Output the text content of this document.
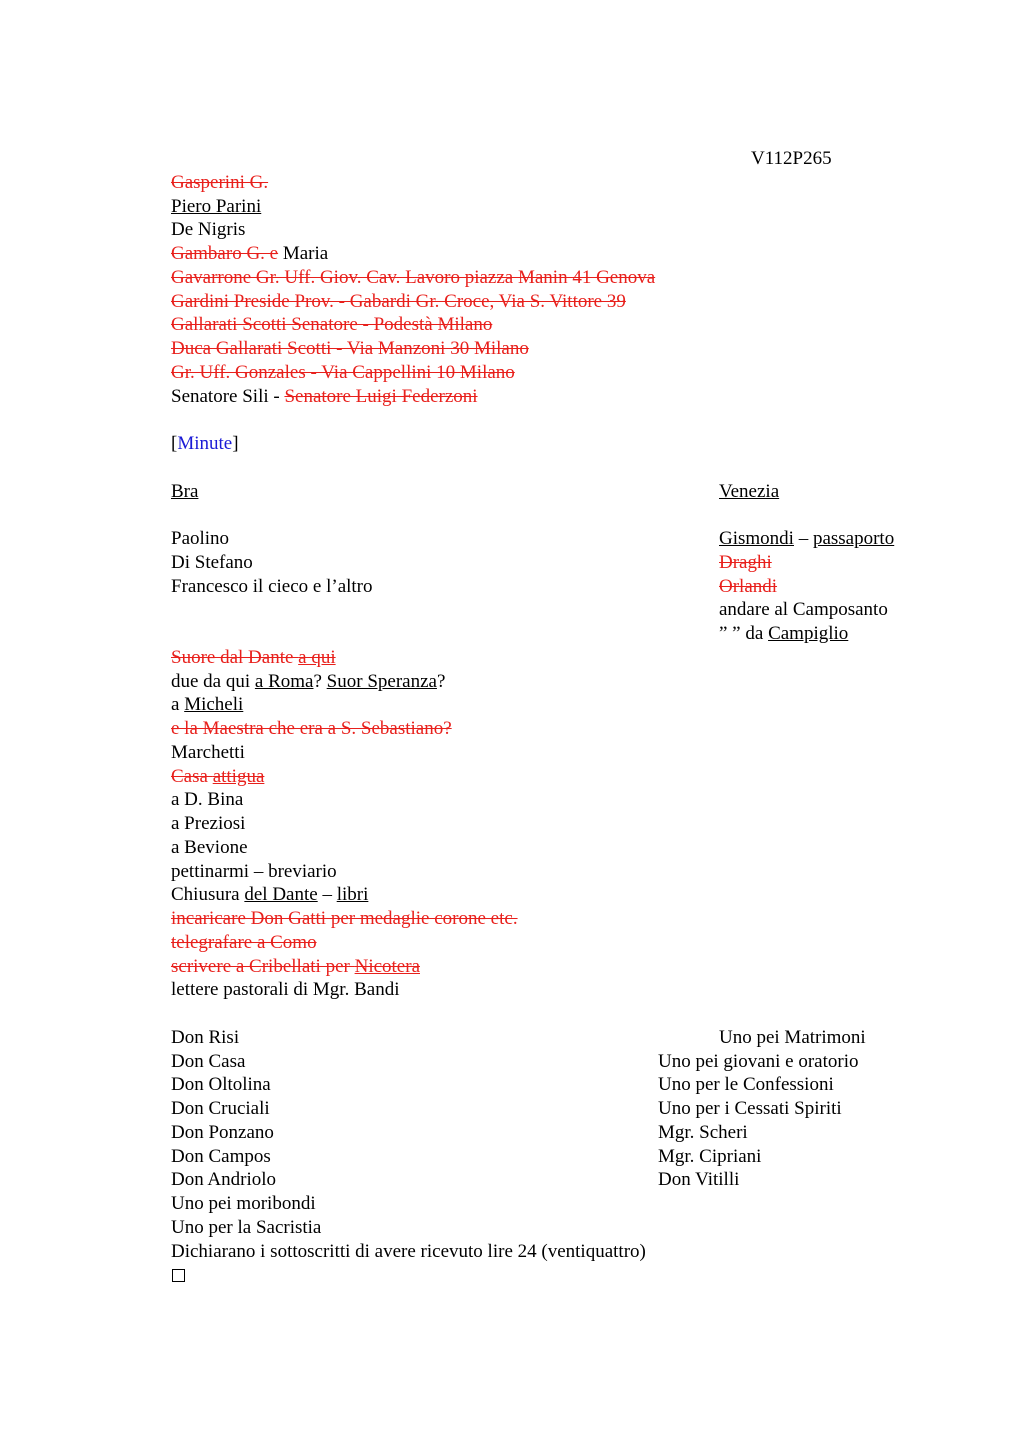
V112P265
Gasperini G.
Piero Parini
De Nigris
Gambaro G. e Maria
Gavarrone Gr. Uff. Giov. Cav. Lavoro piazza Manin 41 Genova
Gardini Preside Prov. - Gabardi Gr. Croce, Via S. Vittore 39
Gallarati Scotti Senatore - Podestà Milano
Duca Gallarati Scotti - Via Manzoni 30 Milano
Gr. Uff. Gonzales - Via Cappellini 10 Milano
Senatore Sili - Senatore Luigi Federzoni
[Minute]
Bra
Paolino
Di Stefano
Francesco il cieco e l’altro
Venezia
Gismondi – passaporto
Draghi
Orlandi
andare al Camposanto
” ” da Campiglio
Suore dal Dante a qui
due da qui a Roma? Suor Speranza?
a Micheli
e la Maestra che era a S. Sebastiano?
Marchetti
Casa attigua
a D. Bina
a Preziosi
a Bevione
pettinarmi – breviario
Chiusura del Dante – libri
incaricare Don Gatti per medaglie corone etc.
telegrafare a Como
scrivere a Cribellati per Nicotera
lettere pastorali di Mgr. Bandi
Don Risi
Don Casa
Don Oltolina
Don Cruciali
Don Ponzano
Don Campos
Don Andriolo
Uno pei moribondi
Uno per la Sacristia
Uno pei Matrimoni
Uno pei giovani e oratorio
Uno per le Confessioni
Uno per i Cessati Spiriti
Mgr. Scheri
Mgr. Cipriani
Don Vitilli
Dichiarano i sottoscritti di avere ricevuto lire 24 (ventiquattro)
